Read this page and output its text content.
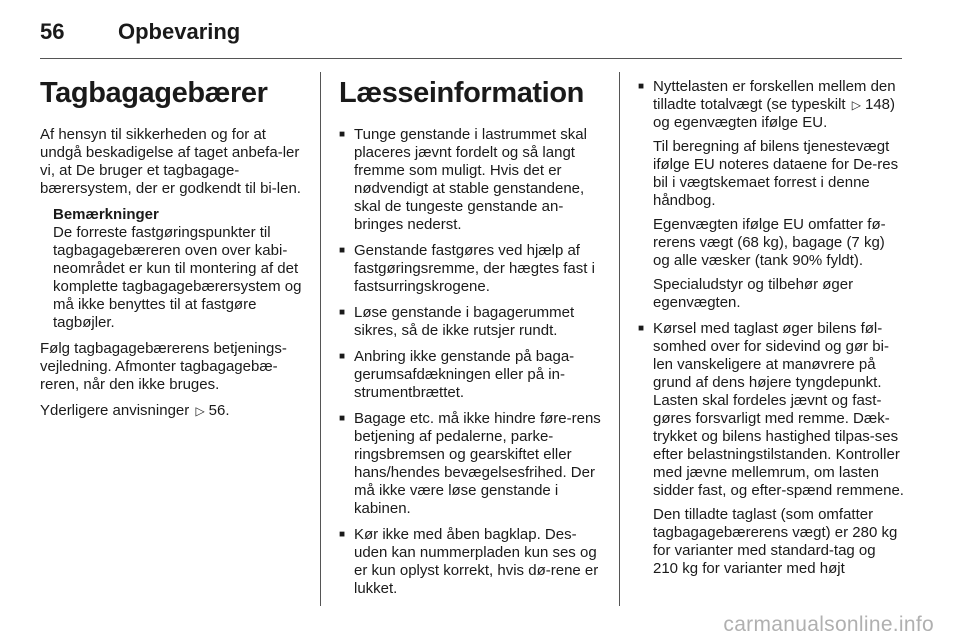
56 Opbevaring
Tagbagagebærer

Af hensyn til sikkerheden og for at undgå beskadigelse af taget anbefa-ler vi, at De bruger et tagbagage-bærersystem, der er godkendt til bi-len.

Bemærkninger
De forreste fastgøringspunkter til tagbagagebæreren oven over kabi-neområdet er kun til montering af det komplette tagbagagebærersystem og må ikke benyttes til at fastgøre tagbøjler.

Følg tagbagagebærerens betjenings-vejledning. Afmonter tagbagagebæ-reren, når den ikke bruges.

Yderligere anvisninger ▷ 56.

Læsseinformation
■ Tunge genstande i lastrummet skal placeres jævnt fordelt og så langt fremme som muligt. Hvis det er nødvendigt at stable genstandene, skal de tungeste genstande an-bringes nederst.
■ Genstande fastgøres ved hjælp af fastgøringsremme, der hægtes fast i fastsurringskrogene.
■ Løse genstande i bagagerummet sikres, så de ikke rutsjer rundt.
■ Anbring ikke genstande på baga-gerumsafdækningen eller på in-strumentbrættet.
■ Bagage etc. må ikke hindre føre-rens betjening af pedalerne, parke-ringsbremsen og gearskiftet eller hans/hendes bevægelsesfrihed. Der må ikke være løse genstande i kabinen.
■ Kør ikke med åben bagklap. Des-uden kan nummerpladen kun ses og er kun oplyst korrekt, hvis dø-rene er lukket.
■ Nyttelasten er forskellen mellem den tilladte totalvægt (se typeskilt ▷ 148) og egenvægten ifølge EU.
Til beregning af bilens tjenestevægt ifølge EU noteres dataene for De-res bil i vægtskemaet forrest i denne håndbog.
Egenvægten ifølge EU omfatter fø-rerens vægt (68 kg), bagage (7 kg) og alle væsker (tank 90% fyldt).
Specialudstyr og tilbehør øger egenvægten.
■ Kørsel med taglast øger bilens føl-somhed over for sidevind og gør bi-len vanskeligere at manøvrere på grund af dens højere tyngdepunkt. Lasten skal fordeles jævnt og fast-gøres forsvarligt med remme. Dæk-trykket og bilens hastighed tilpas-ses efter belastningstilstanden. Kontroller med jævne mellemrum, om lasten sidder fast, og efter-spænd remmene.
Den tilladte taglast (som omfatter tagbagagebærerens vægt) er 280 kg for varianter med standard-tag og 210 kg for varianter med højt
carmanualsonline.info
